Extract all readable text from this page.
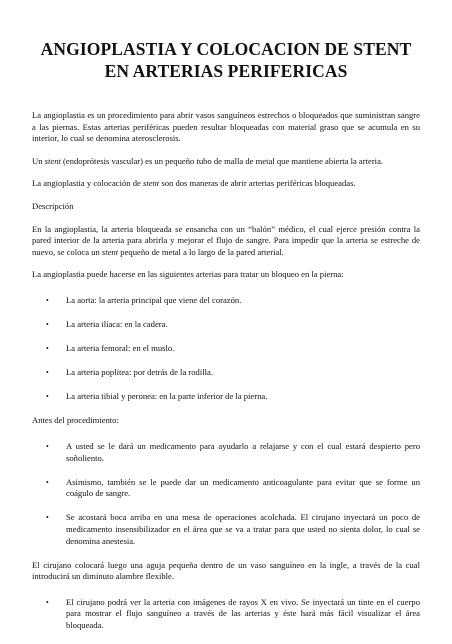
ANGIOPLASTIA Y COLOCACION DE STENT EN ARTERIAS PERIFERICAS

La angioplastia es un procedimiento para abrir vasos sanguíneos estrechos o bloqueados que suministran sangre a las piernas. Estas arterias periféricas pueden resultar bloqueadas con material graso que se acumula en su interior, lo cual se denomina aterosclerosis.

Un stent (endoprótesis vascular) es un pequeño tubo de malla de metal que mantiene abierta la arteria.

La angioplastia y colocación de stent son dos maneras de abrir arterias periféricas bloqueadas.

Descripción

En la angioplastia, la arteria bloqueada se ensancha con un “balón” médico, el cual ejerce presión contra la pared interior de la arteria para abrirla y mejorar el flujo de sangre. Para impedir que la arteria se estreche de nuevo, se coloca un stent pequeño de metal a lo largo de la pared arterial.

La angioplastia puede hacerse en las siguientes arterias para tratar un bloqueo en la pierna:

• La aorta: la arteria principal que viene del corazón.
• La arteria ilíaca: en la cadera.
• La arteria femoral: en el muslo.
• La arteria poplítea: por detrás de la rodilla.
• La arteria tibial y peronea: en la parte inferior de la pierna.

Antes del procedimiento:

• A usted se le dará un medicamento para ayudarlo a relajarse y con el cual estará despierto pero soñoliento.
• Asimismo, también se le puede dar un medicamento anticoagulante para evitar que se forme un coágulo de sangre.
• Se acostará boca arriba en una mesa de operaciones acolchada. El cirujano inyectará un poco de medicamento insensibilizador en el área que se va a tratar para que usted no sienta dolor, lo cual se denomina anestesia.

El cirujano colocará luego una aguja pequeña dentro de un vaso sanguíneo en la ingle, a través de la cual introducirá un diminuto alambre flexible.

• El cirujano podrá ver la arteria con imágenes de rayos X en vivo. Se inyectará un tinte en el cuerpo para mostrar el flujo sanguíneo a través de las arterias y éste hará más fácil visualizar el área bloqueada.
